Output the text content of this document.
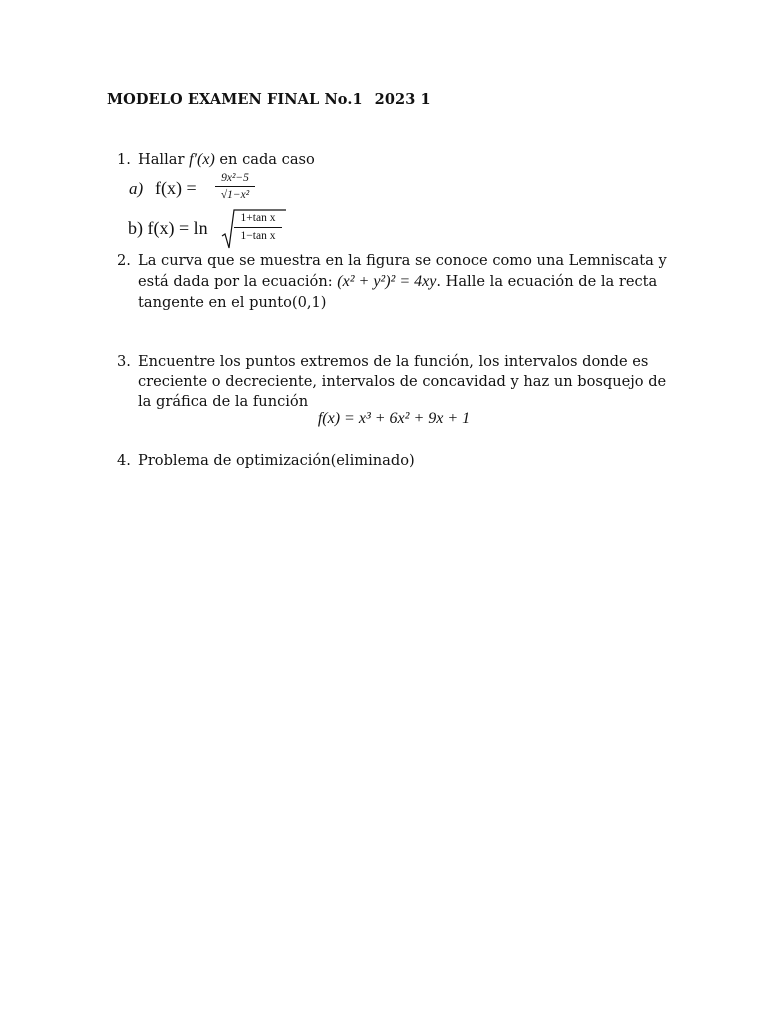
MODELO EXAMEN FINAL No.1 2023 1
1. Hallar f′(x) en cada caso
a) f(x) =	9x²−5
√1−x²
b) f(x) = ln	1+tan x
1−tan x
2. La curva que se muestra en la figura se conoce como una Lemniscata y
está dada por la ecuación: (x² + y²)² = 4xy. Halle la ecuación de la recta
tangente en el punto(0,1)
3. Encuentre los puntos extremos de la función, los intervalos donde es
creciente o decreciente, intervalos de concavidad y haz un bosquejo de
la gráfica de la función
f(x) = x³ + 6x² + 9x + 1
4. Problema de optimización(eliminado)
